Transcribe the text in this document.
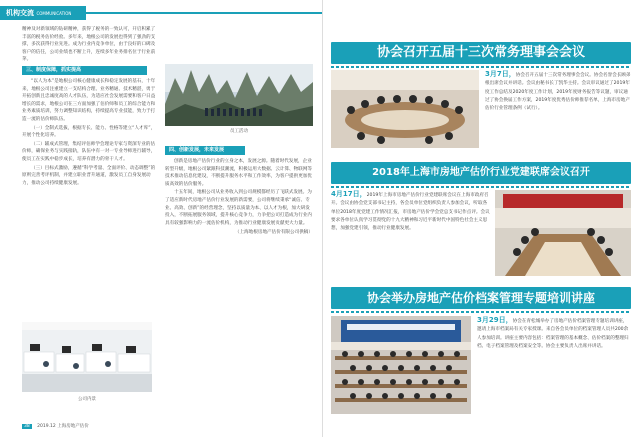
机构交流 COMMUNICATION

精神及对新领域的钻研精神，获得了税务的一致认可，开启积累了丰富的税务估价经验。多年来，地根公司的发展也得到了强劲的支撑，多次获得行业先进。成为行业内竞争单位，由于良好的口碑及客户的信任，公司业绩也不断上升，连续多年业务排名位于行业前茅。

三、制度保障，抓实提高

“以人为本”是地根公司核心健康成长和稳定发展的基石，十年来，地根公司注重建立一支结构合理、业务精通、技术精湛，勇于开拓创新且忠诚度高的人才队伍，为适应社会发展需要和客户日益增长的需求，地根公司在三方面加强了估价师和员工的综合能力和业务素质培训，努力调整知识结构，持续提高专业技能，致力于打造一流的估价师队伍。

（一）全制式选拔，根据专长、能力、性格等建立“人才库”，开展个性化培养。

（二）辅成式管理，集结评估师学会理论专家与资深专业的估价师，确保业务与实践接轨，队伍中有一对一专业导师进行辅导，使员工在实践中稳步成长，培养有潜力的骨干人才。

（三）目标式激励，遵循“科学考量、全面评价、动态调整”的原则完善考评机制，并建立职业晋升通道，激发员工自身发展动力，推动公司持续健康发展。

员工活动
四、创新发展，未来发展

创新是房地产估价行业的立身之本，发展之源。随着时代发展，企业转型升级，地根公司紧跟科技潮流，积极运用大数据、云计算、物联网等技术推动信息化建设，不断提升服务水平和工作效率，为客户提供更加优质高效的估价服务。

十五年间，地根公司从业务收入到公司规模都经历了飞跃式发展。为了适应新时代房地产估价行业发展的新需要，公司将继续秉承“诚信、专业、高效、创新”的经营理念，坚持以质量为本、以人才为根，加大研发投入，不断拓展服务领域，提升核心竞争力，力争把公司打造成为行业内具有较强影响力的一流估价机构，为推动行业健康发展贡献更大力量。

（上海地根房地产估价有限公司供稿）

公司内景
38 2019.12 上海房地产估价
协会召开五届十三次常务理事会会议
3月7日，协会召开五届十三次常务理事会会议。协会名誉会长顾弟根出席会议并讲话。会议由秘书长丁凯华主持。会议审议通过了2019年度工作总结及2020年度工作计划，2019年度财务报告等议题，审议通过了协会换届工作方案，2019年度优秀估价师推荐名单，上海市房地产估价行业管理条例（试行）。
2018年上海市房地产估价行业党建联席会议召开
4月17日，2019年上海市房地产估价行业党建联席会议在上海市政府召开。会议由协会党支部书记主持，各会员单位党组织负责人参加会议，听取各单位2018年度党建工作情况汇报，市房地产估价学会党总支书记作点评。会议要求各单位认真学习贯彻党的十九大精神和习近平新时代中国特色社会主义思想，加强党建引领，推动行业健康发展。
协会举办房地产估价档案管理专题培训讲座
3月29日，协会在青松城举办了房地产估价档案管理专题培训讲座，邀请上海市档案局有关专家授课。来自各会员单位的档案管理人员共200余人参加培训。讲座主要内容包括：档案管理的基本概念、估价档案的整理归档、电子档案管理及档案安全等。协会主要负责人出席并讲话。
